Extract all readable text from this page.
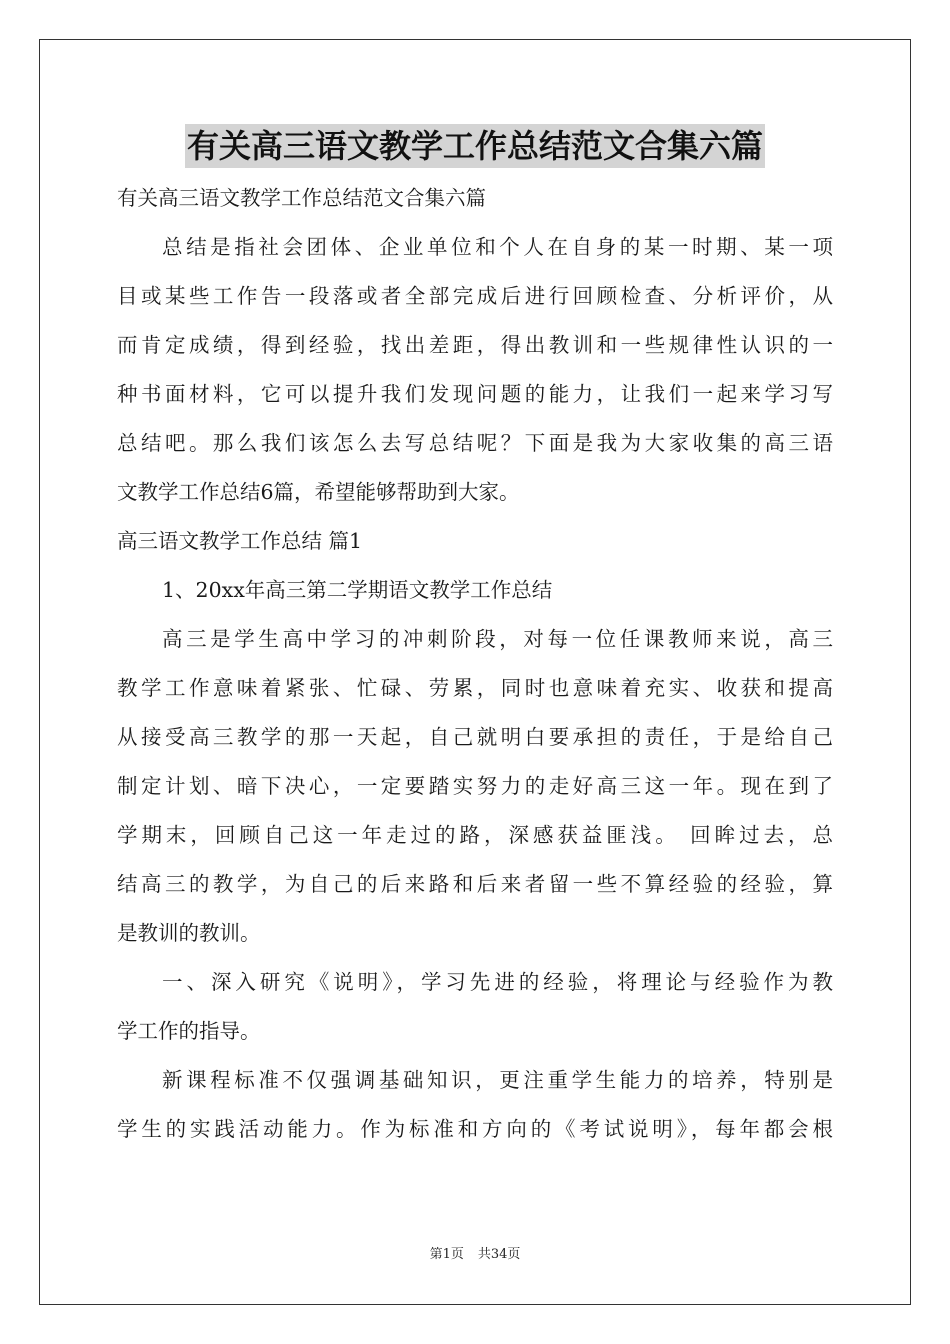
有关高三语文教学工作总结范文合集六篇
有关高三语文教学工作总结范文合集六篇
总结是指社会团体、企业单位和个人在自身的某一时期、某一项
目或某些工作告一段落或者全部完成后进行回顾检查、分析评价，从
而肯定成绩，得到经验，找出差距，得出教训和一些规律性认识的一
种书面材料，它可以提升我们发现问题的能力，让我们一起来学习写
总结吧。那么我们该怎么去写总结呢？下面是我为大家收集的高三语
文教学工作总结6篇，希望能够帮助到大家。
高三语文教学工作总结 篇1
1、20xx年高三第二学期语文教学工作总结
高三是学生高中学习的冲刺阶段，对每一位任课教师来说，高三
教学工作意味着紧张、忙碌、劳累，同时也意味着充实、收获和提高
从接受高三教学的那一天起，自己就明白要承担的责任，于是给自己
制定计划、暗下决心，一定要踏实努力的走好高三这一年。现在到了
学期末，回顾自己这一年走过的路，深感获益匪浅。 回眸过去，总
结高三的教学，为自己的后来路和后来者留一些不算经验的经验，算
是教训的教训。
一、深入研究《说明》，学习先进的经验，将理论与经验作为教
学工作的指导。
新课程标准不仅强调基础知识，更注重学生能力的培养，特别是
学生的实践活动能力。作为标准和方向的《考试说明》，每年都会根
第1页 共34页
